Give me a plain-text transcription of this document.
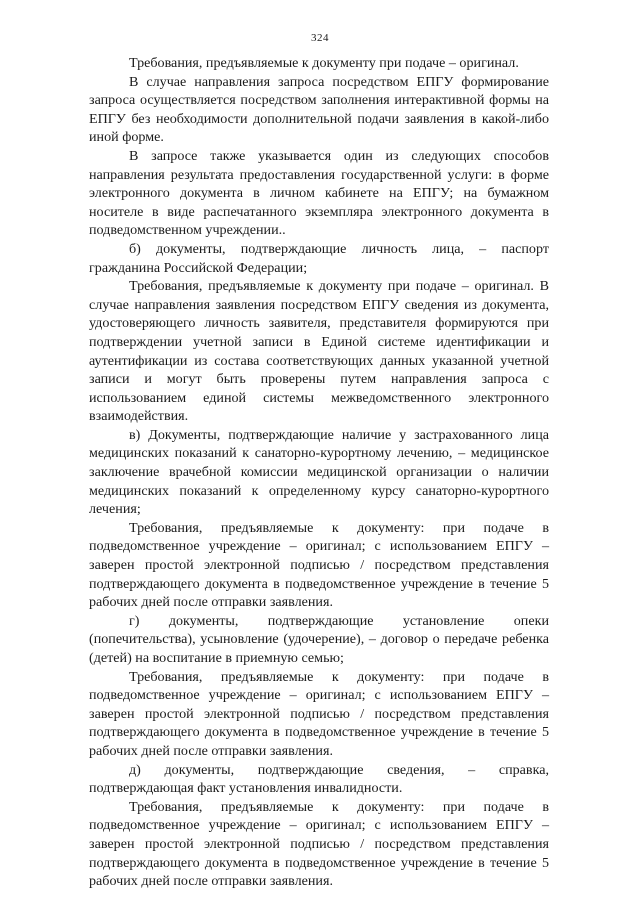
324

Требования, предъявляемые к документу при подаче – оригинал.

В случае направления запроса посредством ЕПГУ формирование запроса осуществляется посредством заполнения интерактивной формы на ЕПГУ без необходимости дополнительной подачи заявления в какой-либо иной форме.

В запросе также указывается один из следующих способов направления результата предоставления государственной услуги: в форме электронного документа в личном кабинете на ЕПГУ; на бумажном носителе в виде распечатанного экземпляра электронного документа в подведомственном учреждении..

б) документы, подтверждающие личность лица, – паспорт гражданина Российской Федерации;

Требования, предъявляемые к документу при подаче – оригинал. В случае направления заявления посредством ЕПГУ сведения из документа, удостоверяющего личность заявителя, представителя формируются при подтверждении учетной записи в Единой системе идентификации и аутентификации из состава соответствующих данных указанной учетной записи и могут быть проверены путем направления запроса с использованием единой системы межведомственного электронного взаимодействия.

в) Документы, подтверждающие наличие у застрахованного лица медицинских показаний к санаторно-курортному лечению, – медицинское заключение врачебной комиссии медицинской организации о наличии медицинских показаний к определенному курсу санаторно-курортного лечения;

Требования, предъявляемые к документу: при подаче в подведомственное учреждение – оригинал; с использованием ЕПГУ – заверен простой электронной подписью / посредством представления подтверждающего документа в подведомственное учреждение в течение 5 рабочих дней после отправки заявления.

г) документы, подтверждающие установление опеки (попечительства), усыновление (удочерение), – договор о передаче ребенка (детей) на воспитание в приемную семью;

Требования, предъявляемые к документу: при подаче в подведомственное учреждение – оригинал; с использованием ЕПГУ – заверен простой электронной подписью / посредством представления подтверждающего документа в подведомственное учреждение в течение 5 рабочих дней после отправки заявления.

д) документы, подтверждающие сведения, – справка, подтверждающая факт установления инвалидности.

Требования, предъявляемые к документу: при подаче в подведомственное учреждение – оригинал; с использованием ЕПГУ – заверен простой электронной подписью / посредством представления подтверждающего документа в подведомственное учреждение в течение 5 рабочих дней после отправки заявления.
